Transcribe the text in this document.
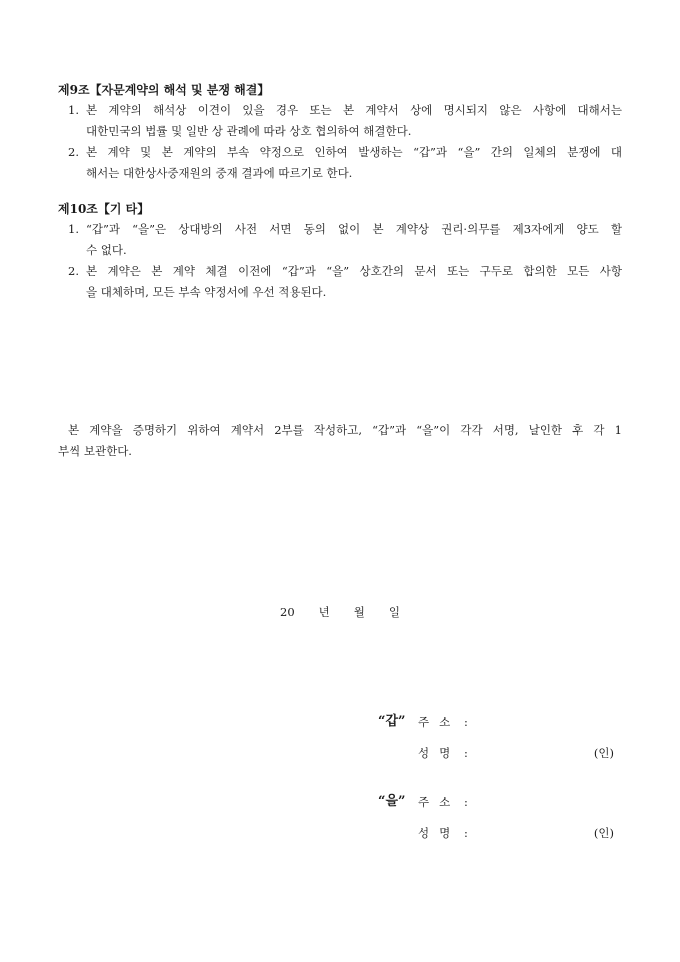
제9조【자문계약의 해석 및 분쟁 해결】
1. 본 계약의 해석상 이견이 있을 경우 또는 본 계약서 상에 명시되지 않은 사항에 대해서는
대한민국의 법률 및 일반 상 관례에 따라 상호 협의하여 해결한다.
2. 본 계약 및 본 계약의 부속 약정으로 인하여 발생하는 “갑”과 “을” 간의 일체의 분쟁에 대
해서는 대한상사중재원의 중재 결과에 따르기로 한다.
제10조【기 타】
1. “갑”과 “을”은 상대방의 사전 서면 동의 없이 본 계약상 권리·의무를 제3자에게 양도 할
수 없다.
2. 본 계약은 본 계약 체결 이전에 “갑”과 “을” 상호간의 문서 또는 구두로 합의한 모든 사항
을 대체하며, 모든 부속 약정서에 우선 적용된다.
본 계약을 증명하기 위하여 계약서 2부를 작성하고, “갑”과 “을”이 각각 서명, 날인한 후 각 1
부씩 보관한다.
20 년 월 일
“갑” 주소 :
성명 :	(인)
“을” 주소 :
성명 :	(인)
